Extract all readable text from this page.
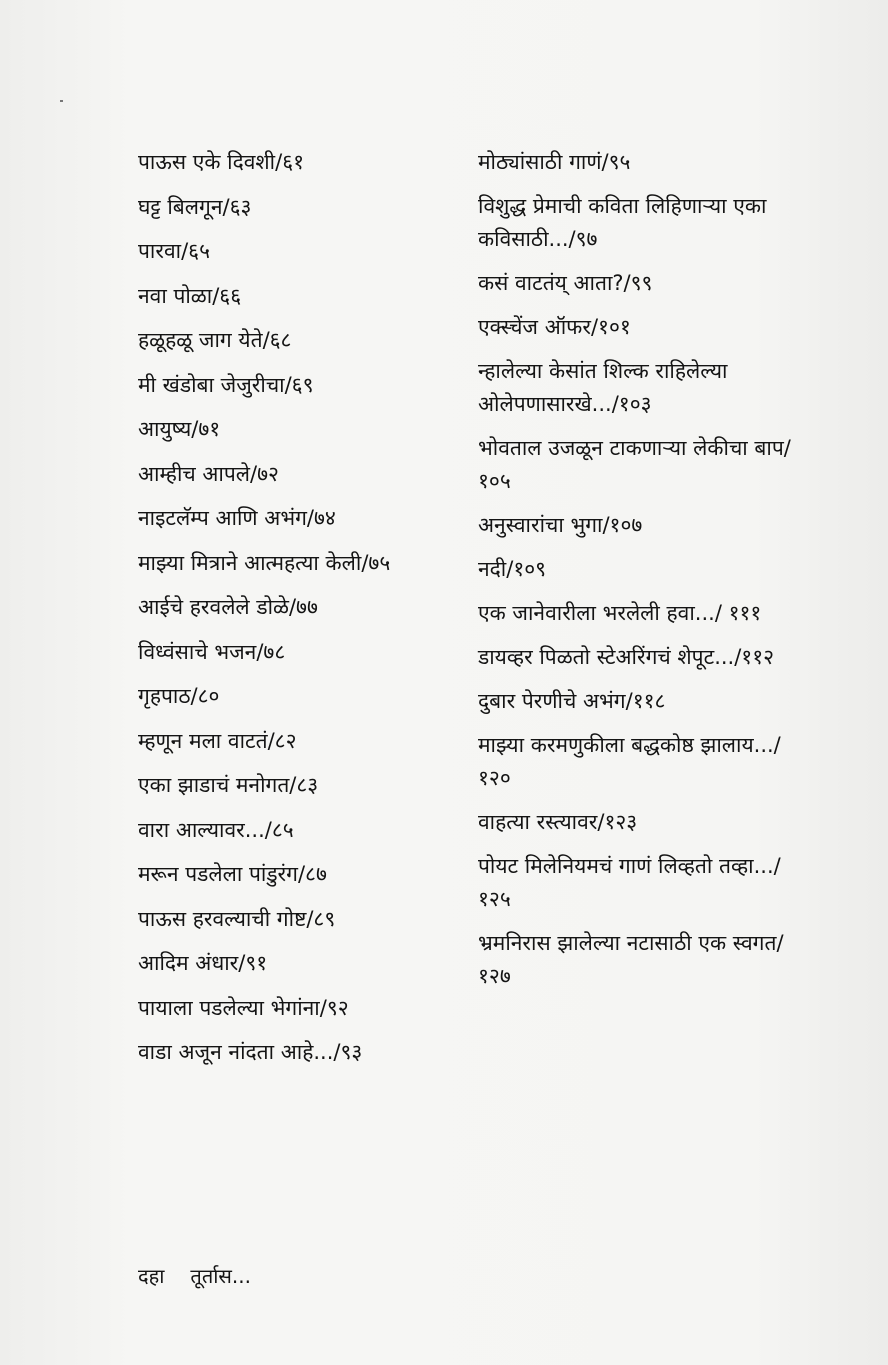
पाऊस एके दिवशी/६१
घट्ट बिलगून/६३
पारवा/६५
नवा पोळा/६६
हळूहळू जाग येते/६८
मी खंडोबा जेजुरीचा/६९
आयुष्य/७१
आम्हीच आपले/७२
नाइटलॅम्प आणि अभंग/७४
माझ्या मित्राने आत्महत्या केली/७५
आईचे हरवलेले डोळे/७७
विध्वंसाचे भजन/७८
गृहपाठ/८०
म्हणून मला वाटतं/८२
एका झाडाचं मनोगत/८३
वारा आल्यावर.../८५
मरून पडलेला पांडुरंग/८७
पाऊस हरवल्याची गोष्ट/८९
आदिम अंधार/९१
पायाला पडलेल्या भेगांना/९२
वाडा अजून नांदता आहे.../९३
मोठ्यांसाठी गाणं/९५
विशुद्ध प्रेमाची कविता लिहिणाऱ्या एका कविसाठी.../९७
कसं वाटतंय् आता?/९९
एक्स्चेंज ऑफर/१०१
न्हालेल्या केसांत शिल्क राहिलेल्या ओलेपणासारखे.../१०३
भोवताल उजळून टाकणाऱ्या लेकीचा बाप/१०५
अनुस्वारांचा भुगा/१०७
नदी/१०९
एक जानेवारीला भरलेली हवा.../ १११
डायव्हर पिळतो स्टेअरिंगचं शेपूट.../११२
दुबार पेरणीचे अभंग/११८
माझ्या करमणुकीला बद्धकोष्ठ झालाय.../१२०
वाहत्या रस्त्यावर/१२३
पोयट मिलेनियमचं गाणं लिव्हतो तव्हा.../१२५
भ्रमनिरास झालेल्या नटासाठी एक स्वगत/१२७
दहा तूर्तास...
